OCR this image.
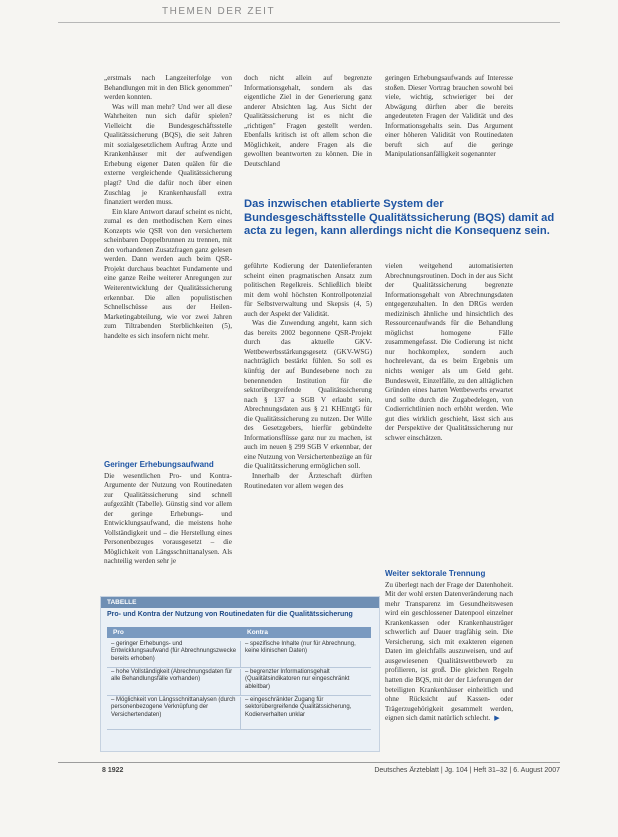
THEMEN DER ZEIT

„erstmals nach Langzeiterfolge von Behandlungen mit in den Blick genommen" werden konnten.

Was will man mehr? Und wer all diese Wahrheiten nun sich dafür spielen? Vielleicht die Bundesgeschäftsstelle Qualitätssicherung (BQS), die seit Jahren mit sozialgesetzlichem Auftrag Ärzte und Krankenhäuser mit der aufwendigen Erhebung eigener Daten quälen für die externe vergleichende Qualitätssicherung plagt? Und die dafür noch über einen Zuschlag je Krankenhausfall extra finanziert werden muss.

Ein klare Antwort darauf scheint es nicht, zumal es den methodischen Kern eines Konzepts wie QSR von den versichertem scheinbaren Doppelbrunnen zu trennen, mit den vorhandenen Zusatzfragen ganz gelesen werden. Dann werden auch beim QSR-Projekt durchaus beachtet Fundamente und eine ganze Reihe weiterer Anregungen zur Weiterentwicklung der Qualitätssicherung erkennbar. Die allen populistischen Schnellschüsse aus der Heilen-Marketingabteilung, wie vor zwei Jahren zum Tiltrabenden Sterblichkeiten (5), handelte es sich insofern nicht mehr.

Geringer Erhebungsaufwand

Die wesentlichen Pro- und Kontra-Argumente der Nutzung von Routinedaten zur Qualitätssicherung sind schnell aufgezählt (Tabelle). Günstig sind vor allem der geringe Erhebungs- und Entwicklungsaufwand, die meistens hohe Vollständigkeit und – die Herstellung eines Personenbezuges vorausgesetzt – die Möglichkeit von Längsschnittanalysen. Als nachteilig werden sehr je

doch nicht allein auf begrenzte Informationsgehalt, sondern als das eigentliche Ziel in der Generierung ganz anderer Absichten lag. Aus Sicht der Qualitätssicherung ist es nicht die „richtigen" Fragen gestellt werden. Ebenfalls kritisch ist oft allem schon die Möglichkeit, andere Fragen als die gewollten beantworten zu können. Die in Deutschland

geringen Erhebungsaufwands auf Interesse stoßen. Dieser Vortrag brauchen sowohl bei viele, wichtig, schwieriger bei der Abwägung dürften aber die bereits angedeuteten Fragen der Validität und des Informationsgehalts sein. Das Argument einer höheren Validität von Routinedaten beruft sich auf die geringe Manipulationsanfälligkeit sogenannter

Das inzwischen etablierte System der Bundesgeschäftsstelle Qualitätssicherung (BQS) damit ad acta zu legen, kann allerdings nicht die Konsequenz sein.

geführte Kodierung der Datenlieferanten scheint einen pragmatischen Ansatz zum politischen Regelkreis. Schließlich bleibt mit dem wohl höchsten Kontrollpotenzial für Selbstverwaltung und Skepsis (4, 5) auch der Aspekt der Validität.

Was die Zuwendung angeht, kann sich das bereits 2002 begonnene QSR-Projekt durch das aktuelle GKV-Wettbewerbsstärkungsgesetz (GKV-WSG) nachträglich bestärkt fühlen. So soll es künftig der auf Bundesebene noch zu benennenden Institution für die sektorübergreifende Qualitätssicherung nach § 137 a SGB V erlaubt sein, Abrechnungsdaten aus § 21 KHEntgG für die Qualitätssicherung zu nutzen. Der Wille des Gesetzgebers, hierfür gebündelte Informationsflüsse ganz nur zu machen, ist auch im neuen § 299 SGB V erkennbar, der eine Nutzung von Versichertenbezüge an für die Qualitätssicherung ermöglichen soll.

Innerhalb der Ärzteschaft dürften Routinedaten vor allem wegen des

vielen weitgehend automatisierten Abrechnungsroutinen. Doch in der aus Sicht der Qualitätssicherung begrenzte Informationsgehalt von Abrechnungsdaten entgegenzuhalten. In den DRGs werden medizinisch ähnliche und hinsichtlich des Ressourcenaufwands für die Behandlung möglichst homogene Fälle zusammengefasst. Die Codierung ist nicht nur hochkomplex, sondern auch hochrelevant, da es beim Ergebnis um nichts weniger als um Geld geht. Bundesweit, Einzelfälle, zu den alltäglichen Gründen eines harten Wettbewerbs erwartet und sollte durch die Zugabedelegen, von Codierrichtlinien noch erhöht werden. Wie gut dies wirklich geschieht, lässt sich aus der Perspektive der Qualitätssicherung nur schwer einschätzen.

Weiter sektorale Trennung

Zu überlegt nach der Frage der Datenhoheit. Mit der wohl ersten Datenveränderung nach mehr Transparenz im Gesundheitswesen wird ein geschlossener Datenpool einzelner Krankenkassen oder Krankenhausträger schwerlich auf Dauer tragfähig sein. Die Versicherung, sich mit exakteren eigenen Daten im gleichfalls auszuweisen, und auf ausgewiesenen Qualitätswettbewerb zu profilieren, ist groß. Die gleichen Regeln hatten die BQS, mit der der Lieferungen der beteiligten Krankenhäuser einheitlich und ohne Rücksicht auf Kassen- oder Trägerzugehörigkeit gesammelt werden, eignen sich damit natürlich schlecht. ▶

TABELLE
Pro- und Kontra der Nutzung von Routinedaten für die Qualitätssicherung
Pro	Kontra
– geringer Erhebungs- und Entwicklungsaufwand (für Abrechnungszwecke bereits erhoben)
– spezifische Inhalte (nur für Abrechnung, keine klinischen Daten)
– hohe Vollständigkeit (Abrechnungsdaten für alle Behandlungsfälle vorhanden)
– begrenzter Informationsgehalt (Qualitätsindikatoren nur eingeschränkt ableitbar)
– Möglichkeit von Längsschnittanalysen (durch personenbezogene Verknüpfung der Versichertendaten)
– eingeschränkter Zugang für sektorübergreifende Qualitätssicherung, Kodierverhalten unklar
8 1922	Deutsches Ärzteblatt | Jg. 104 | Heft 31–32 | 6. August 2007
